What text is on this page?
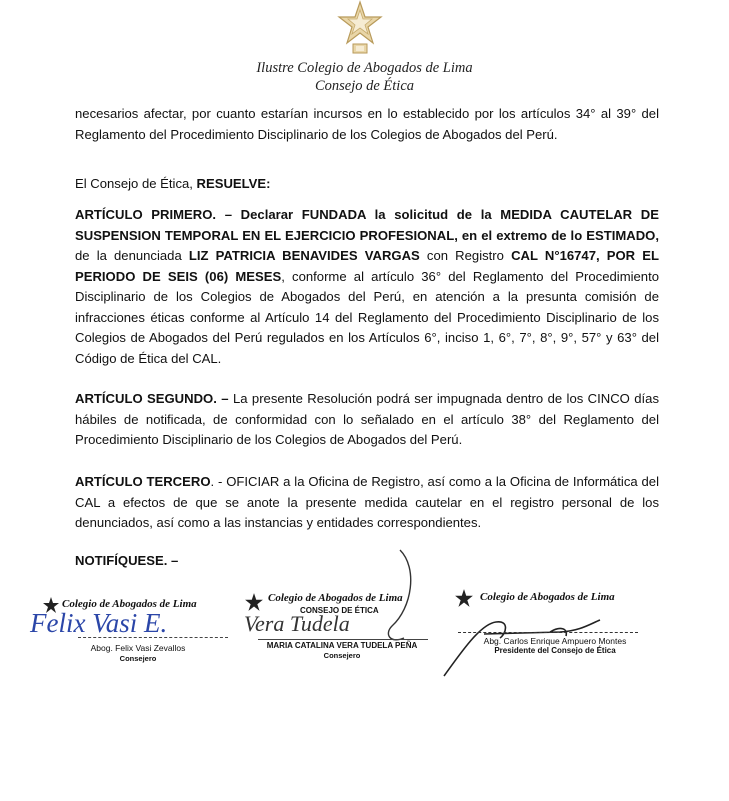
Ilustre Colegio de Abogados de Lima
Consejo de Ética

necesarios afectar, por cuanto estarían incursos en lo establecido por los artículos 34° al 39° del Reglamento del Procedimiento Disciplinario de los Colegios de Abogados del Perú.

El Consejo de Ética, RESUELVE:

ARTÍCULO PRIMERO. – Declarar FUNDADA la solicitud de la MEDIDA CAUTELAR DE SUSPENSION TEMPORAL EN EL EJERCICIO PROFESIONAL, en el extremo de lo ESTIMADO, de la denunciada LIZ PATRICIA BENAVIDES VARGAS con Registro CAL N°16747, POR EL PERIODO DE SEIS (06) MESES, conforme al artículo 36° del Reglamento del Procedimiento Disciplinario de los Colegios de Abogados del Perú, en atención a la presunta comisión de infracciones éticas conforme al Artículo 14 del Reglamento del Procedimiento Disciplinario de los Colegios de Abogados del Perú regulados en los Artículos 6°, inciso 1, 6°, 7°, 8°, 9°, 57° y 63° del Código de Ética del CAL.

ARTÍCULO SEGUNDO. – La presente Resolución podrá ser impugnada dentro de los CINCO días hábiles de notificada, de conformidad con lo señalado en el artículo 38° del Reglamento del Procedimiento Disciplinario de los Colegios de Abogados del Perú.

ARTÍCULO TERCERO. - OFICIAR a la Oficina de Registro, así como a la Oficina de Informática del CAL a efectos de que se anote la presente medida cautelar en el registro personal de los denunciados, así como a las instancias y entidades correspondientes.

NOTIFÍQUESE. –

Colegio de Abogados de Lima
Felix Vasi E.
Abog. Felix Vasi Zevallos
Consejero
Colegio de Abogados de Lima
CONSEJO DE ÉTICA
Vera Tudela
MARIA CATALINA VERA TUDELA PEÑA
Consejero
Colegio de Abogados de Lima
Abg. Carlos Enrique Ampuero Montes
Presidente del Consejo de Ética
